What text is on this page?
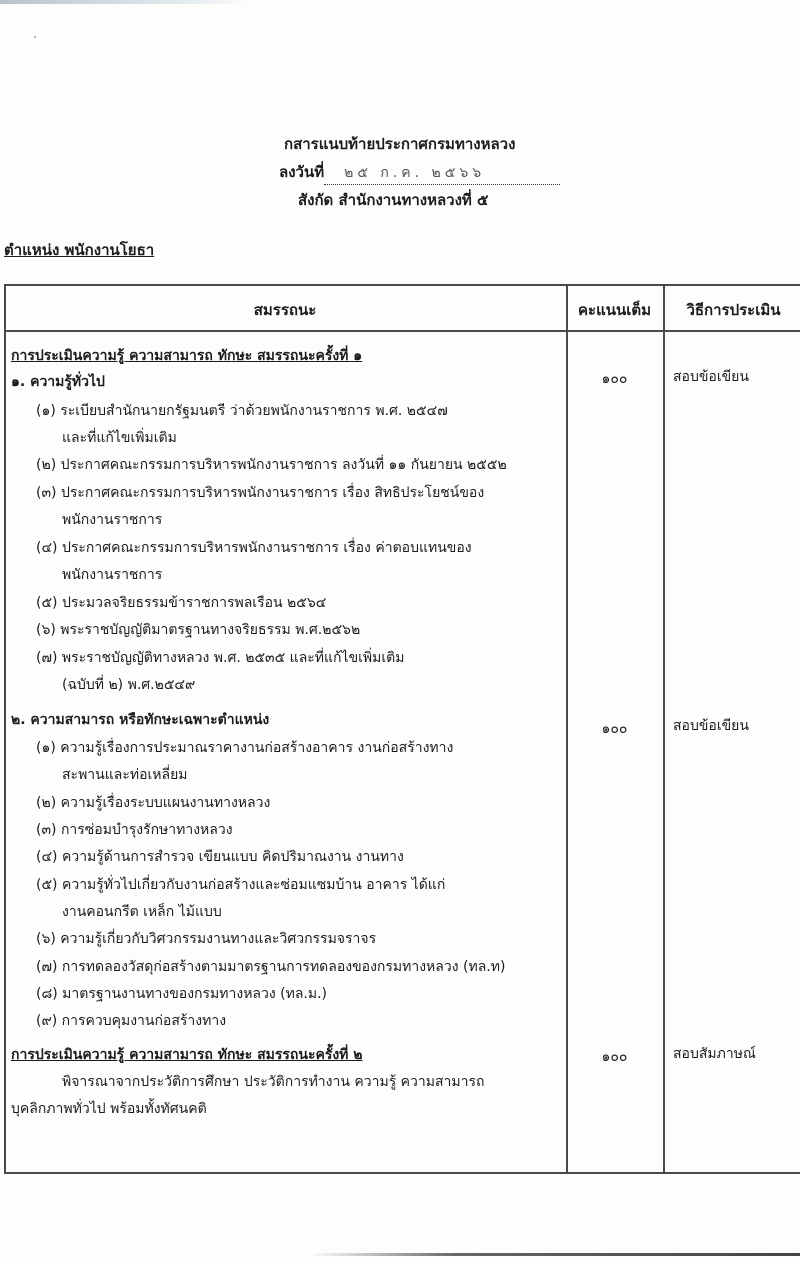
กสารแนบท้ายประกาศกรมทางหลวง
ลงวันที่ ๒๕ ก.ค. ๒๕๖๖
สังกัด สำนักงานทางหลวงที่ ๕
ตำแหน่ง พนักงานโยธา
สมรรถนะ	คะแนนเต็ม	วิธีการประเมิน
การประเมินความรู้ ความสามารถ ทักษะ สมรรถนะครั้งที่ ๑
๑. ความรู้ทั่วไป	๑๐๐	สอบข้อเขียน
(๑) ระเบียบสำนักนายกรัฐมนตรี ว่าด้วยพนักงานราชการ พ.ศ. ๒๕๔๗
และที่แก้ไขเพิ่มเติม
(๒) ประกาศคณะกรรมการบริหารพนักงานราชการ ลงวันที่ ๑๑ กันยายน ๒๕๕๒
(๓) ประกาศคณะกรรมการบริหารพนักงานราชการ เรื่อง สิทธิประโยชน์ของ
พนักงานราชการ
(๔) ประกาศคณะกรรมการบริหารพนักงานราชการ เรื่อง ค่าตอบแทนของ
พนักงานราชการ
(๕) ประมวลจริยธรรมข้าราชการพลเรือน ๒๕๖๔
(๖) พระราชบัญญัติมาตรฐานทางจริยธรรม พ.ศ.๒๕๖๒
(๗) พระราชบัญญัติทางหลวง พ.ศ. ๒๕๓๕ และที่แก้ไขเพิ่มเติม
(ฉบับที่ ๒) พ.ศ.๒๕๔๙
๒. ความสามารถ หรือทักษะเฉพาะตำแหน่ง
๑๐๐	สอบข้อเขียน
(๑) ความรู้เรื่องการประมาณราคางานก่อสร้างอาคาร งานก่อสร้างทาง
สะพานและท่อเหลี่ยม
(๒) ความรู้เรื่องระบบแผนงานทางหลวง
(๓) การซ่อมบำรุงรักษาทางหลวง
(๔) ความรู้ด้านการสำรวจ เขียนแบบ คิดปริมาณงาน งานทาง
(๕) ความรู้ทั่วไปเกี่ยวกับงานก่อสร้างและซ่อมแซมบ้าน อาคาร ได้แก่
งานคอนกรีต เหล็ก ไม้แบบ
(๖) ความรู้เกี่ยวกับวิศวกรรมงานทางและวิศวกรรมจราจร
(๗) การทดลองวัสดุก่อสร้างตามมาตรฐานการทดลองของกรมทางหลวง (ทล.ท)
(๘) มาตรฐานงานทางของกรมทางหลวง (ทล.ม.)
(๙) การควบคุมงานก่อสร้างทาง
การประเมินความรู้ ความสามารถ ทักษะ สมรรถนะครั้งที่ ๒	๑๐๐	สอบสัมภาษณ์
พิจารณาจากประวัติการศึกษา ประวัติการทำงาน ความรู้ ความสามารถ
บุคลิกภาพทั่วไป พร้อมทั้งทัศนคติ
